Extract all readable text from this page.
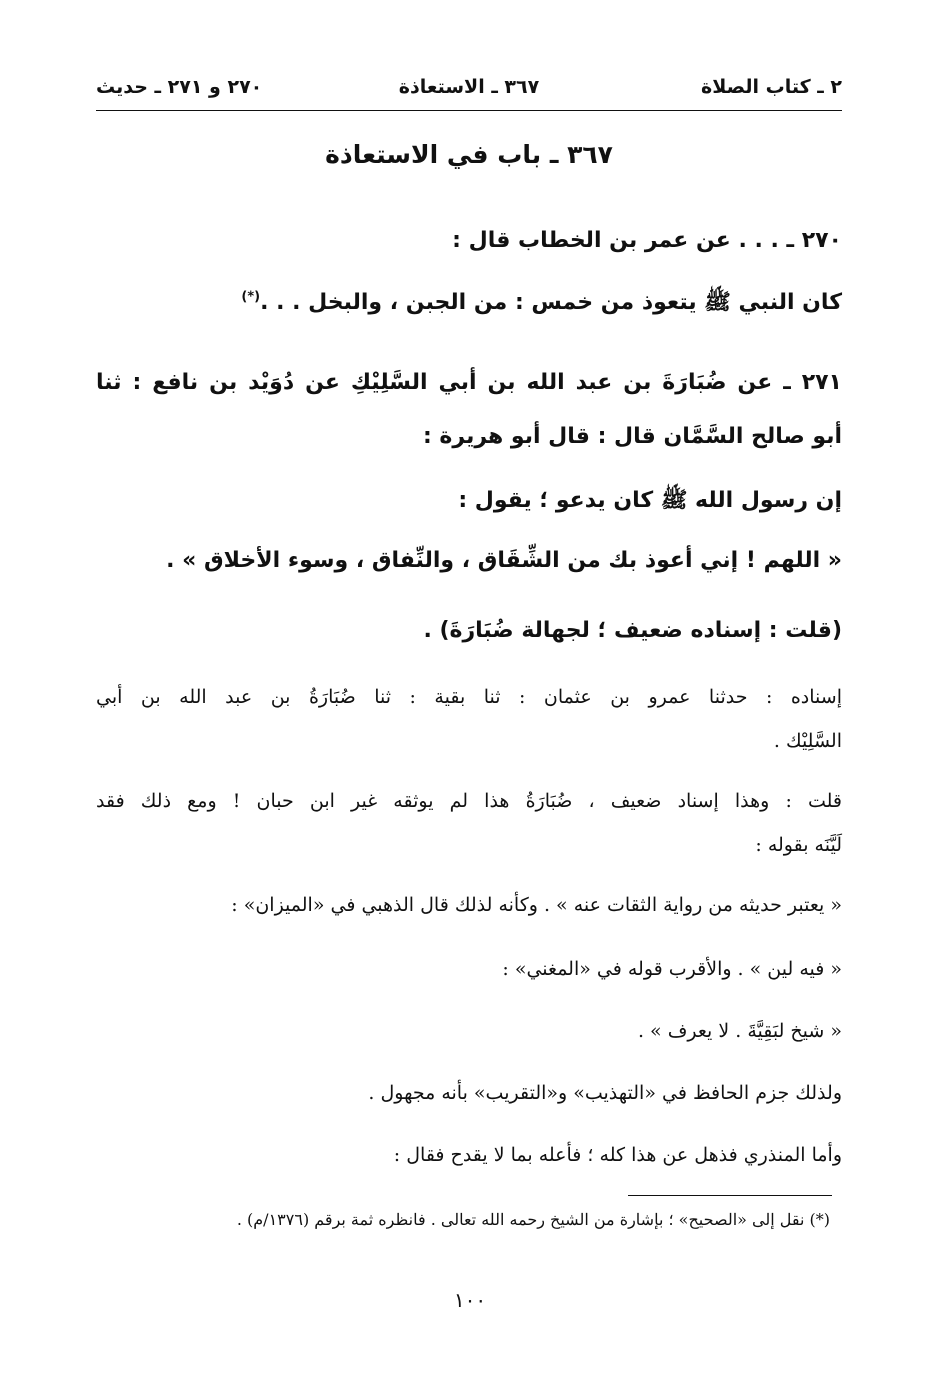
٢ ـ كتاب الصلاة
٣٦٧ ـ الاستعاذة
٢٧٠ و ٢٧١ ـ حديث
٣٦٧ ـ باب في الاستعاذة
٢٧٠ ـ . . . عن عمر بن الخطاب قال :
كان النبي ﷺ يتعوذ من خمس : من الجبن ، والبخل . . .(*)
٢٧١ ـ عن ضُبَارَةَ بن عبد الله بن أبي السَّلِيْكِ عن دُوَيْد بن نافع : ثنا
أبو صالح السَّمَّان قال : قال أبو هريرة :
إن رسول الله ﷺ كان يدعو ؛ يقول :
« اللهم ! إني أعوذ بك من الشِّقَاق ، والنِّفاق ، وسوء الأخلاق » .
(قلت : إسناده ضعيف ؛ لجهالة ضُبَارَةَ) .
إسناده : حدثنا عمرو بن عثمان : ثنا بقية : ثنا ضُبَارَةُ بن عبد الله بن أبي
السَّلِيْك .
قلت : وهذا إسناد ضعيف ، ضُبَارَةُ هذا لم يوثقه غير ابن حبان ! ومع ذلك فقد
لَيَّنَه بقوله :
« يعتبر حديثه من رواية الثقات عنه » . وكأنه لذلك قال الذهبي في «الميزان» :
« فيه لين » . والأقرب قوله في «المغني» :
« شيخ لبَقِيَّةَ . لا يعرف » .
ولذلك جزم الحافظ في «التهذيب» و«التقريب» بأنه مجهول .
وأما المنذري فذهل عن هذا كله ؛ فأعله بما لا يقدح فقال :
(*) نقل إلى «الصحيح» ؛ بإشارة من الشيخ رحمه الله تعالى . فانظره ثمة برقم (١٣٧٦/م) .
١٠٠
